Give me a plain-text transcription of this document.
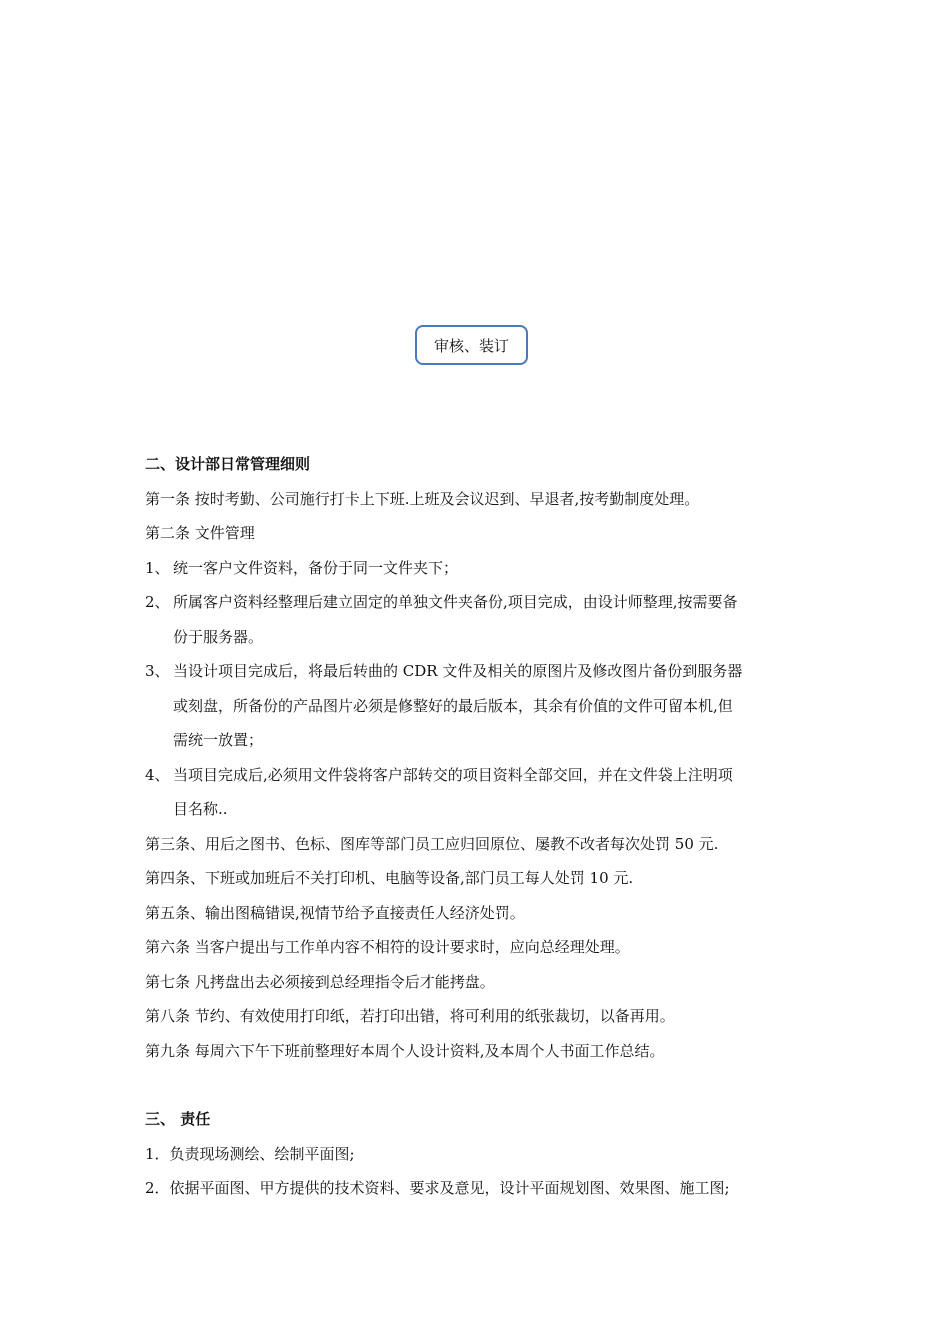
审核、装订
二、设计部日常管理细则
第一条 按时考勤、公司施行打卡上下班.上班及会议迟到、早退者,按考勤制度处理。
第二条 文件管理
1、 统一客户文件资料，备份于同一文件夹下；
2、 所属客户资料经整理后建立固定的单独文件夹备份,项目完成，由设计师整理,按需要备
份于服务器。
3、 当设计项目完成后，将最后转曲的 CDR 文件及相关的原图片及修改图片备份到服务器
或刻盘，所备份的产品图片必须是修整好的最后版本，其余有价值的文件可留本机,但
需统一放置；
4、 当项目完成后,必须用文件袋将客户部转交的项目资料全部交回，并在文件袋上注明项
目名称..
第三条、用后之图书、色标、图库等部门员工应归回原位、屡教不改者每次处罚 50 元.
第四条、下班或加班后不关打印机、电脑等设备,部门员工每人处罚 10 元.
第五条、输出图稿错误,视情节给予直接责任人经济处罚。
第六条 当客户提出与工作单内容不相符的设计要求时，应向总经理处理。
第七条 凡拷盘出去必须接到总经理指令后才能拷盘。
第八条 节约、有效使用打印纸，若打印出错，将可利用的纸张裁切，以备再用。
第九条 每周六下午下班前整理好本周个人设计资料,及本周个人书面工作总结。
三、 责任
1．负责现场测绘、绘制平面图;
2．依据平面图、甲方提供的技术资料、要求及意见，设计平面规划图、效果图、施工图;
